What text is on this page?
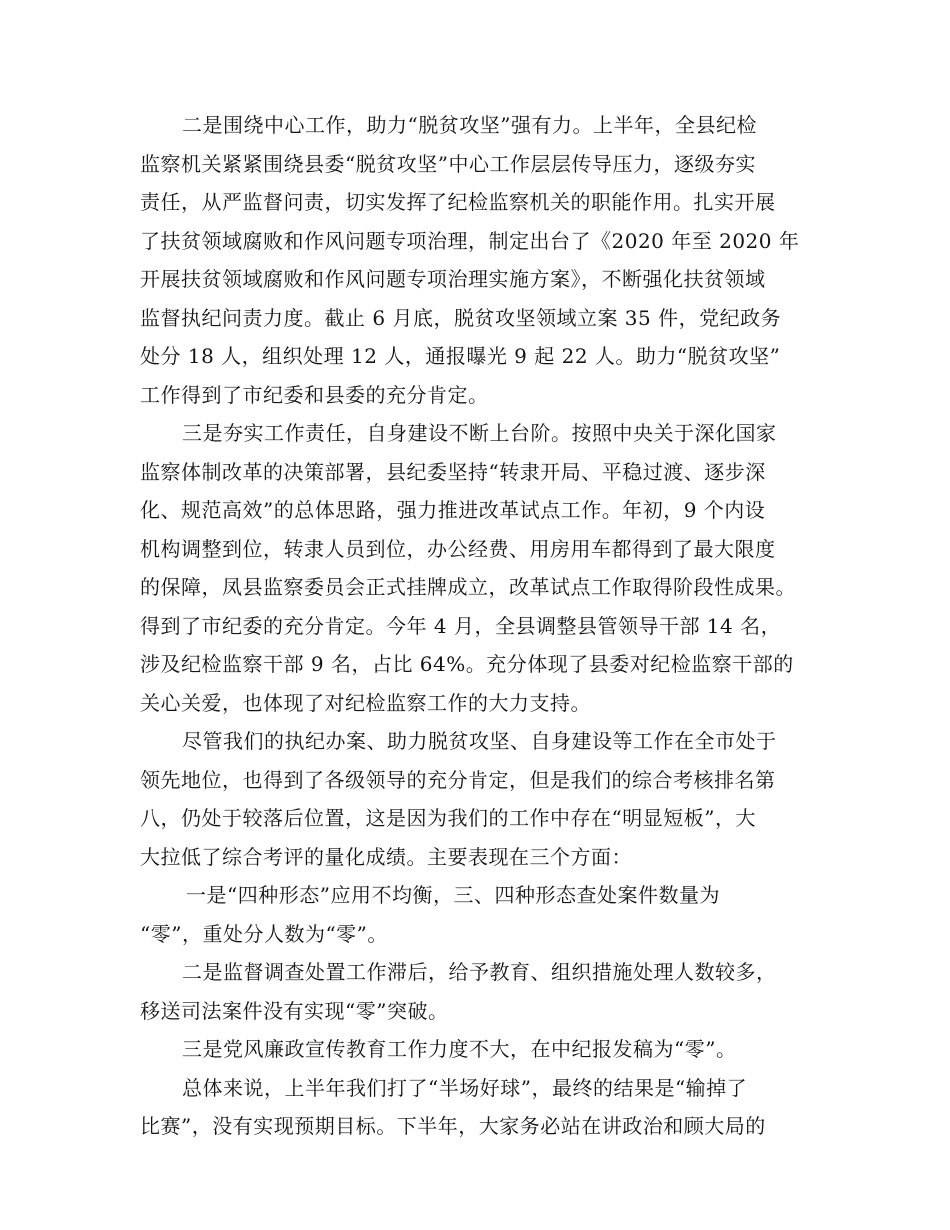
二是围绕中心工作，助力“脱贫攻坚”强有力。上半年，全县纪检
监察机关紧紧围绕县委“脱贫攻坚”中心工作层层传导压力，逐级夯实
责任，从严监督问责，切实发挥了纪检监察机关的职能作用。扎实开展
了扶贫领域腐败和作风问题专项治理，制定出台了《2020 年至 2020 年
开展扶贫领域腐败和作风问题专项治理实施方案》，不断强化扶贫领域
监督执纪问责力度。截止 6 月底，脱贫攻坚领域立案 35 件，党纪政务
处分 18 人，组织处理 12 人，通报曝光 9 起 22 人。助力“脱贫攻坚”
工作得到了市纪委和县委的充分肯定。
三是夯实工作责任，自身建设不断上台阶。按照中央关于深化国家
监察体制改革的决策部署，县纪委坚持“转隶开局、平稳过渡、逐步深
化、规范高效”的总体思路，强力推进改革试点工作。年初，9 个内设
机构调整到位，转隶人员到位，办公经费、用房用车都得到了最大限度
的保障，凤县监察委员会正式挂牌成立，改革试点工作取得阶段性成果。
得到了市纪委的充分肯定。今年 4 月，全县调整县管领导干部 14 名，
涉及纪检监察干部 9 名，占比 64%。充分体现了县委对纪检监察干部的
关心关爱，也体现了对纪检监察工作的大力支持。
尽管我们的执纪办案、助力脱贫攻坚、自身建设等工作在全市处于
领先地位，也得到了各级领导的充分肯定，但是我们的综合考核排名第
八，仍处于较落后位置，这是因为我们的工作中存在“明显短板”，大
大拉低了综合考评的量化成绩。主要表现在三个方面：
一是“四种形态”应用不均衡，三、四种形态查处案件数量为
“零”，重处分人数为“零”。
二是监督调查处置工作滞后，给予教育、组织措施处理人数较多，
移送司法案件没有实现“零”突破。
三是党风廉政宣传教育工作力度不大，在中纪报发稿为“零”。
总体来说，上半年我们打了“半场好球”，最终的结果是“输掉了
比赛”，没有实现预期目标。下半年，大家务必站在讲政治和顾大局的
